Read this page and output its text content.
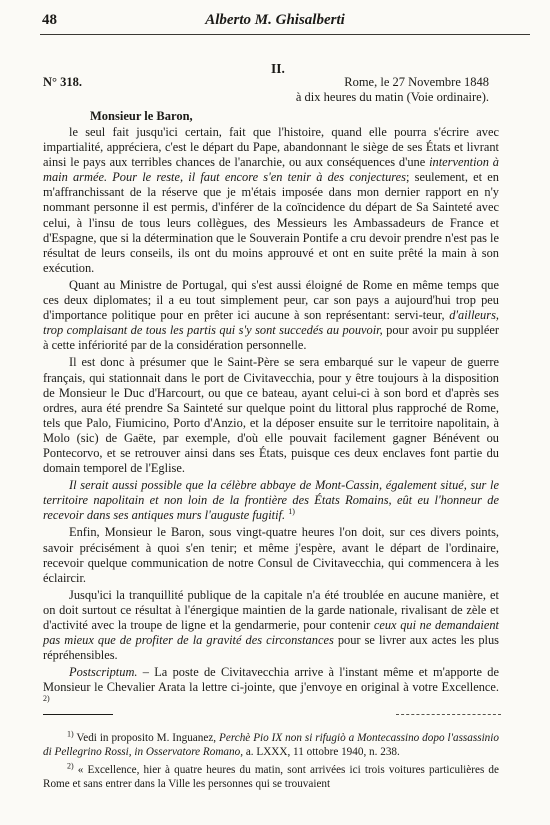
48	Alberto M. Ghisalberti
N° 318.
II.
Rome, le 27 Novembre 1848
à dix heures du matin (Voie ordinaire).
Monsieur le Baron,

le seul fait jusqu'ici certain, fait que l'histoire, quand elle pourra s'écrire avec impartialité, appréciera, c'est le départ du Pape, abandonnant le siège de ses États et livrant ainsi le pays aux terribles chances de l'anarchie, ou aux conséquences d'une intervention à main armée. Pour le reste, il faut encore s'en tenir à des conjectures; seulement, et en m'affranchissant de la réserve que je m'étais imposée dans mon dernier rapport en n'y nommant personne il est permis, d'inférer de la coïncidence du départ de Sa Sainteté avec celui, à l'insu de tous leurs collègues, des Messieurs les Ambassadeurs de France et d'Espagne, que si la détermination que le Souverain Pontife a cru devoir prendre n'est pas le résultat de leurs conseils, ils ont du moins approuvé et ont en suite prêté la main à son exécution.

Quant au Ministre de Portugal, qui s'est aussi éloigné de Rome en même temps que ces deux diplomates; il a eu tout simplement peur, car son pays a aujourd'hui trop peu d'importance politique pour en prêter ici aucune à son représentant: servi-teur, d'ailleurs, trop complaisant de tous les partis qui s'y sont succedés au pouvoir, pour avoir pu suppléer à cette infériorité par de la considération personnelle.

Il est donc à présumer que le Saint-Père se sera embarqué sur le vapeur de guerre français, qui stationnait dans le port de Civitavecchia, pour y être toujours à la disposition de Monsieur le Duc d'Harcourt, ou que ce bateau, ayant celui-ci à son bord et d'après ses ordres, aura été prendre Sa Sainteté sur quelque point du littoral plus rapproché de Rome, tels que Palo, Fiumicino, Porto d'Anzio, et la déposer ensuite sur le territoire napolitain, à Molo (sic) de Gaëte, par exemple, d'où elle pouvait facilement gagner Bénévent ou Pontecorvo, et se retrouver ainsi dans ses États, puisque ces deux enclaves font partie du domain temporel de l'Eglise.

Il serait aussi possible que la célèbre abbaye de Mont-Cassin, également situé, sur le territoire napolitain et non loin de la frontière des États Romains, eût eu l'honneur de recevoir dans ses antiques murs l'auguste fugitif. $^{1)}$

Enfin, Monsieur le Baron, sous vingt-quatre heures l'on doit, sur ces divers points, savoir précisément à quoi s'en tenir; et même j'espère, avant le départ de l'ordinaire, recevoir quelque communication de notre Consul de Civitavecchia, qui commencera à les éclaircir.

Jusqu'ici la tranquillité publique de la capitale n'a été troublée en aucune manière, et on doit surtout ce résultat à l'énergique maintien de la garde nationale, rivalisant de zèle et d'activité avec la troupe de ligne et la gendarmerie, pour contenir ceux qui ne demandaient pas mieux que de profiter de la gravité des circonstances pour se livrer aux actes les plus répréhensibles.

Postscriptum. – La poste de Civitavecchia arrive à l'instant même et m'apporte de Monsieur le Chevalier Arata la lettre ci-jointe, que j'envoye en original à votre Excellence. $^{2)}$

$^{1)}$ Vedi in proposito M. Inguanez, Perchè Pio IX non si rifugiò a Montecassino dopo l'assassinio di Pellegrino Rossi, in Osservatore Romano, a. LXXX, 11 ottobre 1940, n. 238.

$^{2)}$ « Excellence, hier à quatre heures du matin, sont arrivées ici trois voitures particulières de Rome et sans entrer dans la Ville les personnes qui se trouvaient
